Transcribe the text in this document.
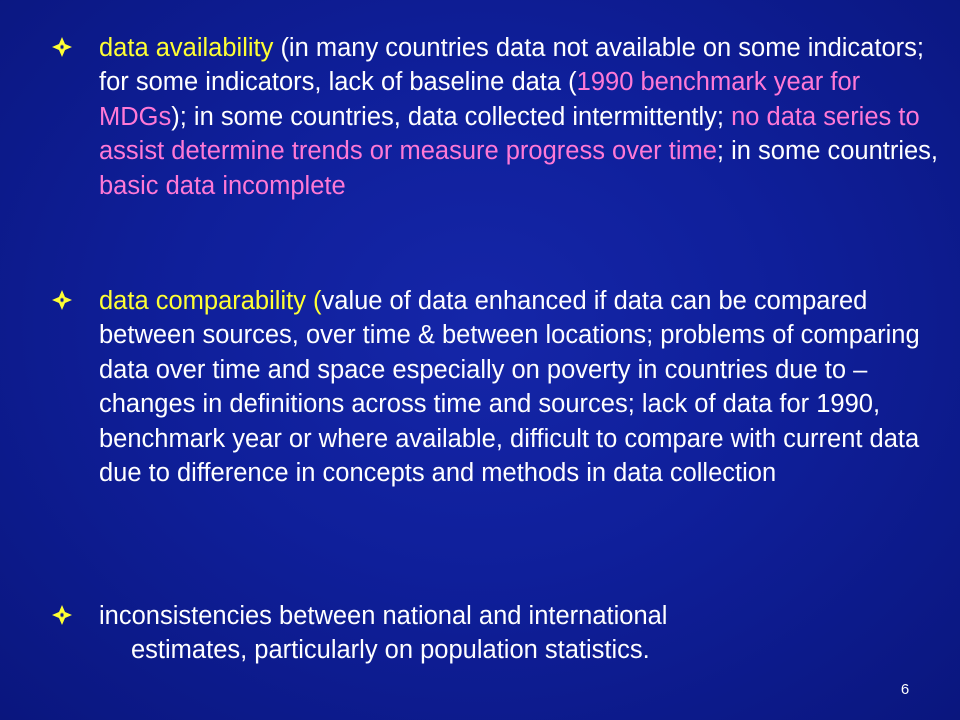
data availability (in many countries data not available on some indicators; for some indicators, lack of baseline data (1990 benchmark year for MDGs); in some countries, data collected intermittently; no data series to assist determine trends or measure progress over time; in some countries, basic data incomplete
data comparability (value of data enhanced if data can be compared between sources, over time & between locations; problems of comparing data over time and space especially on poverty in countries due to – changes in definitions across time and sources; lack of data for 1990, benchmark year or where available, difficult to compare with current data due to difference in concepts and methods in data collection
inconsistencies between national and international
estimates, particularly on population statistics.
6
